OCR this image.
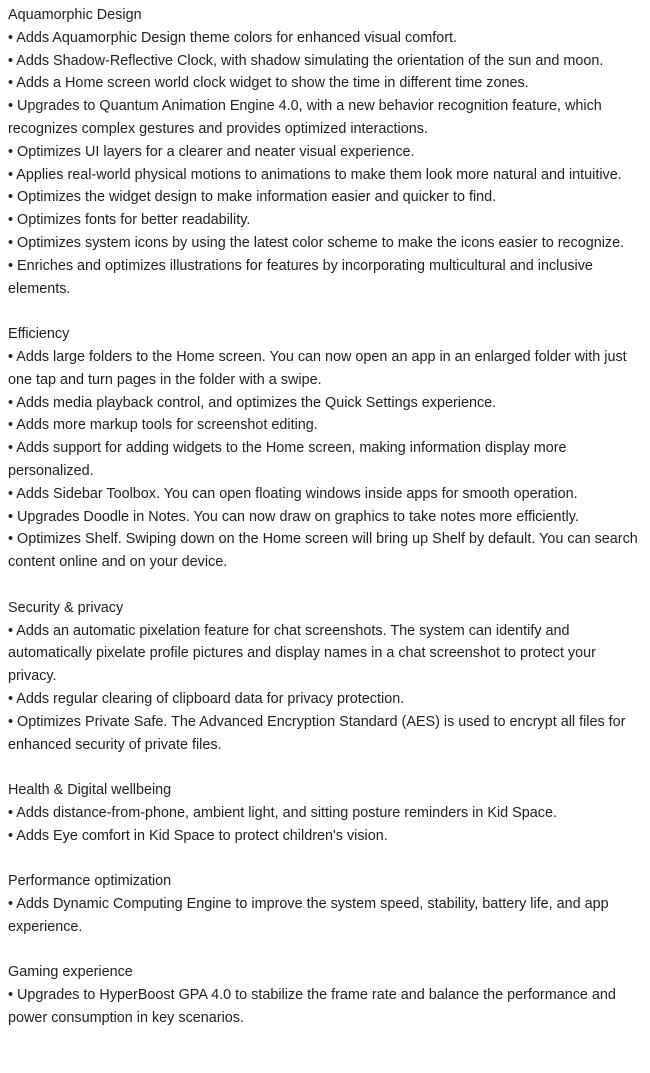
Aquamorphic Design
• Adds Aquamorphic Design theme colors for enhanced visual comfort.
• Adds Shadow-Reflective Clock, with shadow simulating the orientation of the sun and moon.
• Adds a Home screen world clock widget to show the time in different time zones.
• Upgrades to Quantum Animation Engine 4.0, with a new behavior recognition feature, which recognizes complex gestures and provides optimized interactions.
• Optimizes UI layers for a clearer and neater visual experience.
• Applies real-world physical motions to animations to make them look more natural and intuitive.
• Optimizes the widget design to make information easier and quicker to find.
• Optimizes fonts for better readability.
• Optimizes system icons by using the latest color scheme to make the icons easier to recognize.
• Enriches and optimizes illustrations for features by incorporating multicultural and inclusive elements.
Efficiency
• Adds large folders to the Home screen. You can now open an app in an enlarged folder with just one tap and turn pages in the folder with a swipe.
• Adds media playback control, and optimizes the Quick Settings experience.
• Adds more markup tools for screenshot editing.
• Adds support for adding widgets to the Home screen, making information display more personalized.
• Adds Sidebar Toolbox. You can open floating windows inside apps for smooth operation.
• Upgrades Doodle in Notes. You can now draw on graphics to take notes more efficiently.
• Optimizes Shelf. Swiping down on the Home screen will bring up Shelf by default. You can search content online and on your device.
Security & privacy
• Adds an automatic pixelation feature for chat screenshots. The system can identify and automatically pixelate profile pictures and display names in a chat screenshot to protect your privacy.
• Adds regular clearing of clipboard data for privacy protection.
• Optimizes Private Safe. The Advanced Encryption Standard (AES) is used to encrypt all files for enhanced security of private files.
Health & Digital wellbeing
• Adds distance-from-phone, ambient light, and sitting posture reminders in Kid Space.
• Adds Eye comfort in Kid Space to protect children's vision.
Performance optimization
• Adds Dynamic Computing Engine to improve the system speed, stability, battery life, and app experience.
Gaming experience
• Upgrades to HyperBoost GPA 4.0 to stabilize the frame rate and balance the performance and power consumption in key scenarios.
